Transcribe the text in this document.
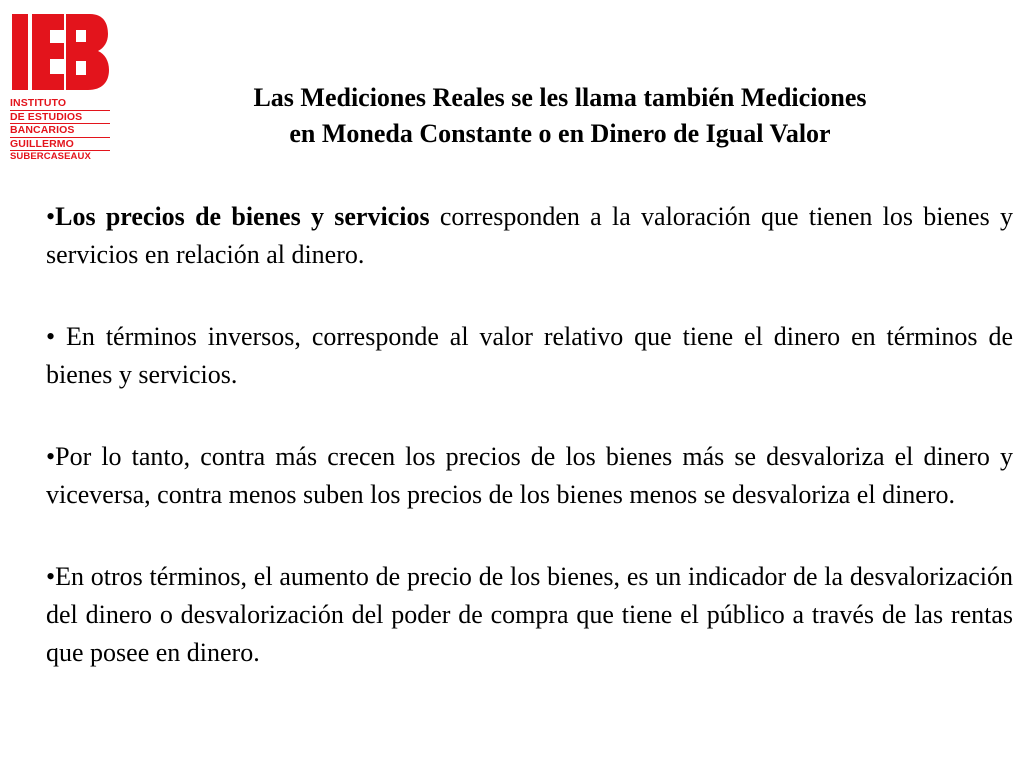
INSTITUTO
DE ESTUDIOS
BANCARIOS
GUILLERMO
SUBERCASEAUX
Las Mediciones Reales se les llama también Mediciones
en Moneda Constante o en Dinero de Igual Valor

•Los precios de bienes y servicios corresponden a la valoración que tienen los bienes y servicios en relación al dinero.

• En términos inversos, corresponde al valor relativo que tiene el dinero en términos de bienes y servicios.

•Por lo tanto, contra más crecen los precios de los bienes más se desvaloriza el dinero y viceversa, contra menos suben los precios de los bienes menos se desvaloriza el dinero.

•En otros términos, el aumento de precio de los bienes, es un indicador de la desvalorización del dinero o desvalorización del poder de compra que tiene el público a través de las rentas que posee en dinero.
